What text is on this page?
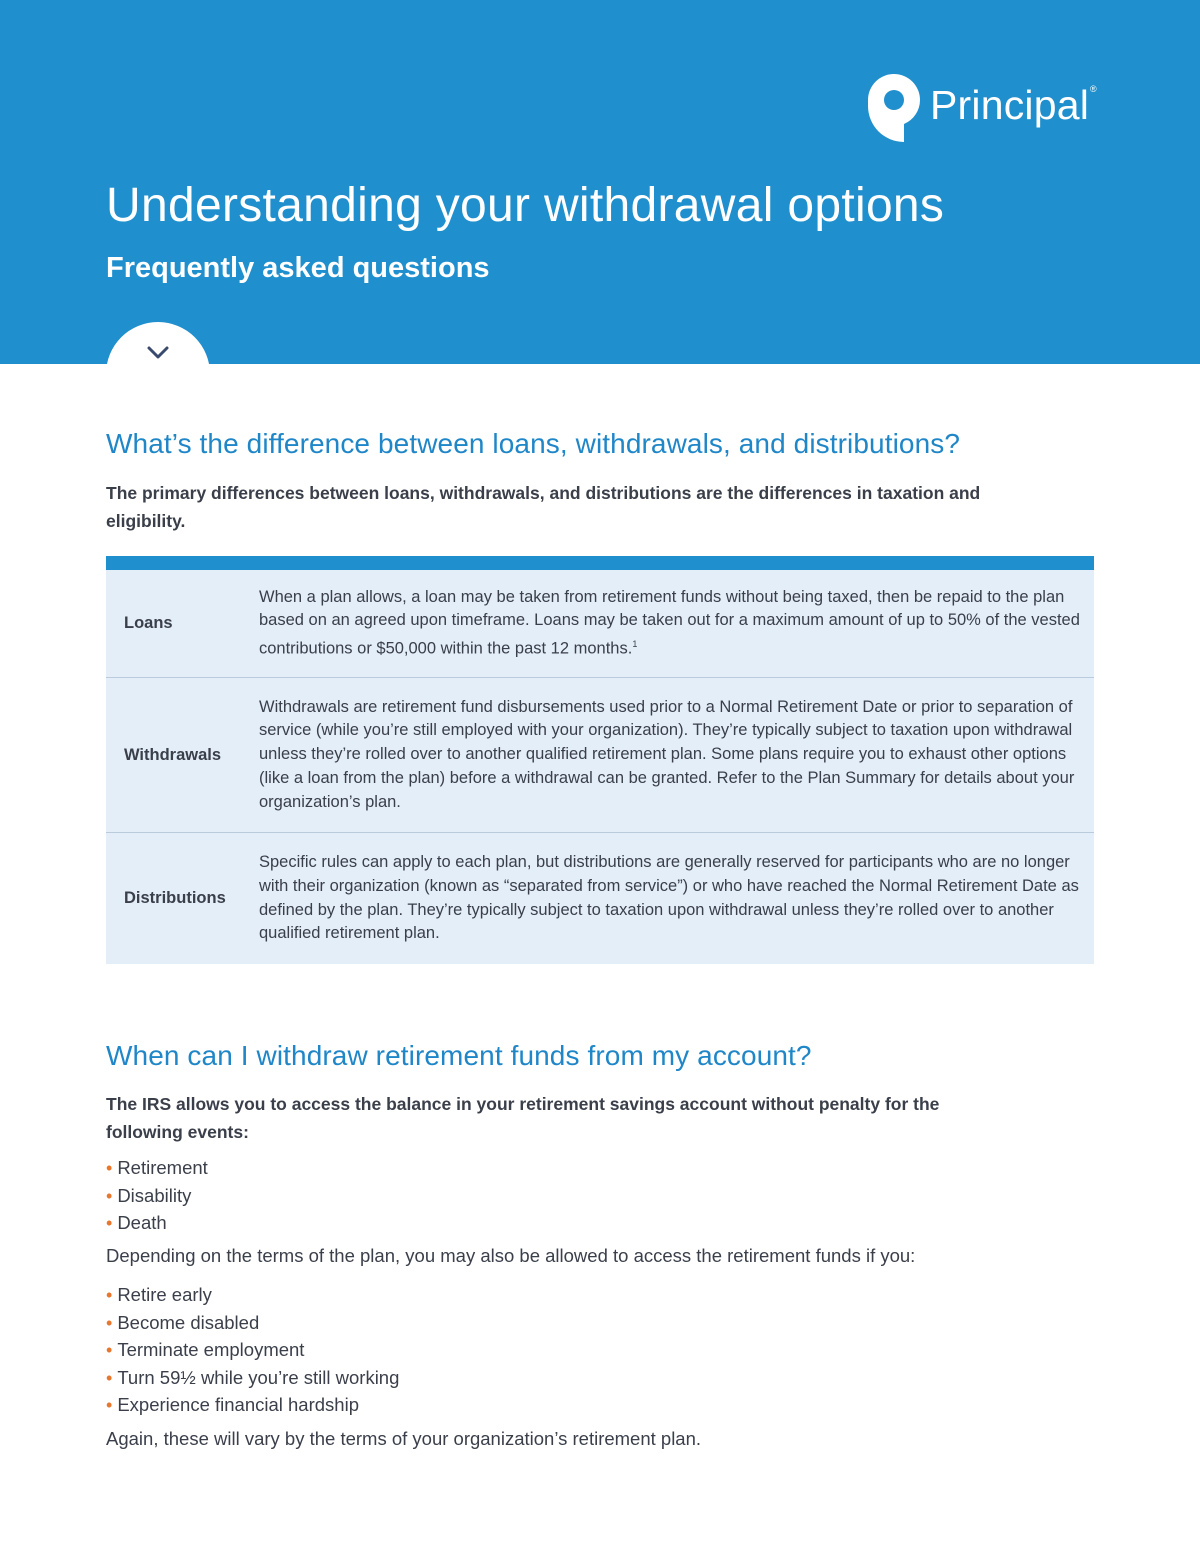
Principal®
Understanding your withdrawal options
Frequently asked questions
What’s the difference between loans, withdrawals, and distributions?

The primary differences between loans, withdrawals, and distributions are the differences in taxation and eligibility.

Loans
When a plan allows, a loan may be taken from retirement funds without being taxed, then be repaid to the plan based on an agreed upon timeframe. Loans may be taken out for a maximum amount of up to 50% of the vested contributions or $50,000 within the past 12 months.$^1$
Withdrawals
Withdrawals are retirement fund disbursements used prior to a Normal Retirement Date or prior to separation of service (while you’re still employed with your organization). They’re typically subject to taxation upon withdrawal unless they’re rolled over to another qualified retirement plan. Some plans require you to exhaust other options (like a loan from the plan) before a withdrawal can be granted. Refer to the Plan Summary for details about your organization’s plan.
Distributions
Specific rules can apply to each plan, but distributions are generally reserved for participants who are no longer with their organization (known as “separated from service”) or who have reached the Normal Retirement Date as defined by the plan. They’re typically subject to taxation upon withdrawal unless they’re rolled over to another qualified retirement plan.
When can I withdraw retirement funds from my account?

The IRS allows you to access the balance in your retirement savings account without penalty for the following events:

• Retirement
• Disability
• Death

Depending on the terms of the plan, you may also be allowed to access the retirement funds if you:

• Retire early
• Become disabled
• Terminate employment
• Turn 59½ while you’re still working
• Experience financial hardship

Again, these will vary by the terms of your organization’s retirement plan.
